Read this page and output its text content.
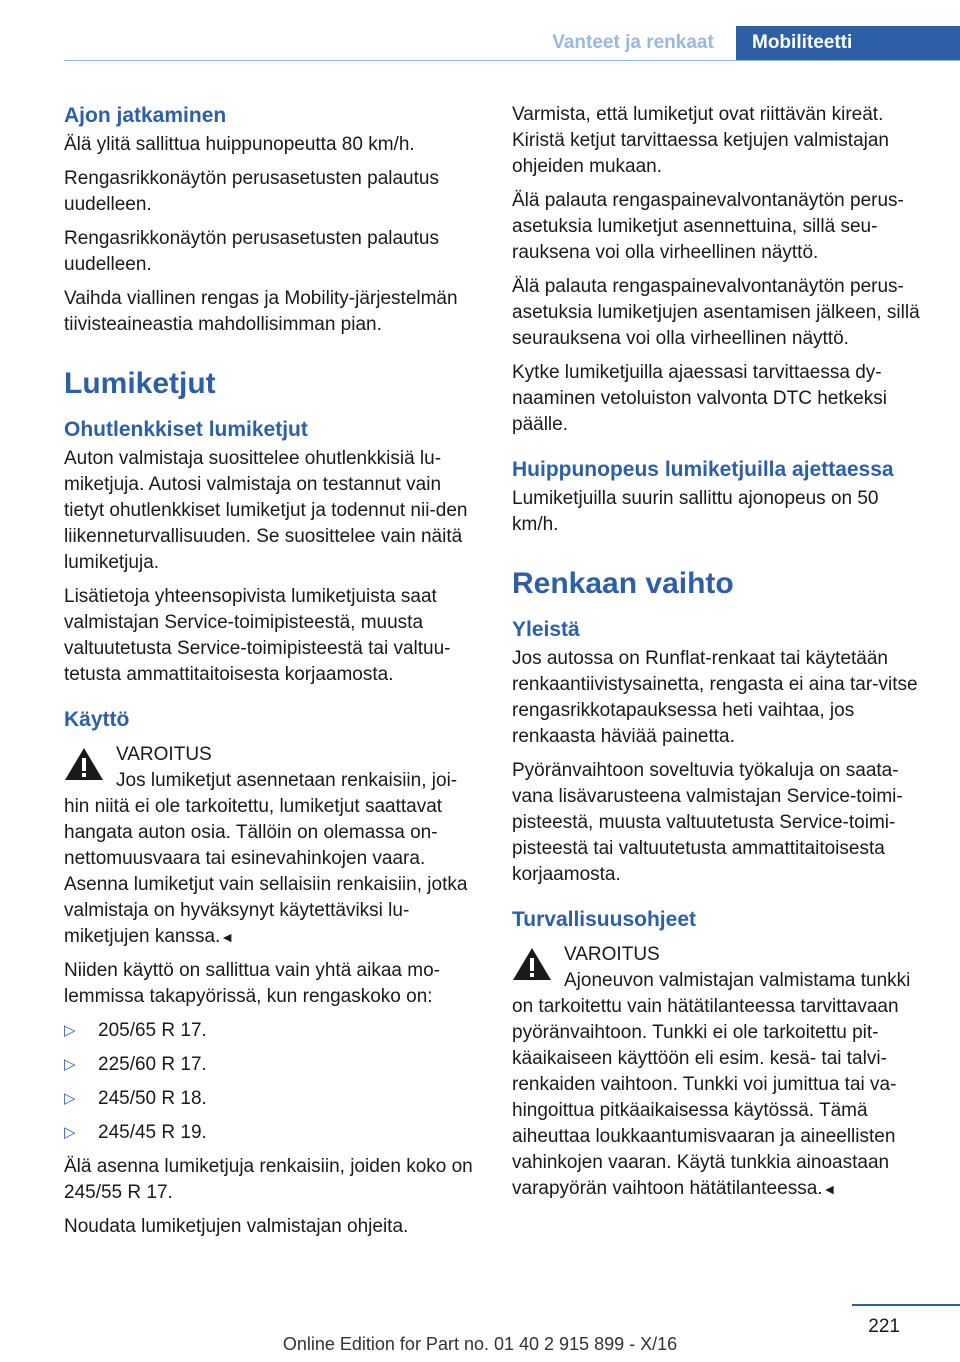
Vanteet ja renkaat	Mobiliteetti
Ajon jatkaminen

Älä ylitä sallittua huippunopeutta 80 km/h.

Rengasrikkonäytön perusasetusten palautus uudelleen.

Rengasrikkonäytön perusasetusten palautus uudelleen.

Vaihda viallinen rengas ja Mobility-järjestelmän tiivisteaineastia mahdollisimman pian.

Lumiketjut
Ohutlenkkiset lumiketjut

Auton valmistaja suosittelee ohutlenkkisiä lu-miketjuja. Autosi valmistaja on testannut vain tietyt ohutlenkkiset lumiketjut ja todennut nii-den liikenneturvallisuuden. Se suosittelee vain näitä lumiketjuja.

Lisätietoja yhteensopivista lumiketjuista saat valmistajan Service-toimipisteestä, muusta valtuutetusta Service-toimipisteestä tai valtuu-tetusta ammattitaitoisesta korjaamosta.

Käyttö
VAROITUS
Jos lumiketjut asennetaan renkaisiin, joi-
hin niitä ei ole tarkoitettu, lumiketjut saattavat hangata auton osia. Tällöin on olemassa on-nettomuusvaara tai esinevahinkojen vaara. Asenna lumiketjut vain sellaisiin renkaisiin, jotka valmistaja on hyväksynyt käytettäviksi lu-miketjujen kanssa.◄

Niiden käyttö on sallittua vain yhtä aikaa mo-lemmissa takapyörissä, kun rengaskoko on:

▷ 205/65 R 17.
▷ 225/60 R 17.
▷ 245/50 R 18.
▷ 245/45 R 19.

Älä asenna lumiketjuja renkaisiin, joiden koko on 245/55 R 17.

Noudata lumiketjujen valmistajan ohjeita.

Varmista, että lumiketjut ovat riittävän kireät. Kiristä ketjut tarvittaessa ketjujen valmistajan ohjeiden mukaan.

Älä palauta rengaspainevalvontanäytön perus-asetuksia lumiketjut asennettuina, sillä seu-rauksena voi olla virheellinen näyttö.

Älä palauta rengaspainevalvontanäytön perus-asetuksia lumiketjujen asentamisen jälkeen, sillä seurauksena voi olla virheellinen näyttö.

Kytke lumiketjuilla ajaessasi tarvittaessa dy-naaminen vetoluiston valvonta DTC hetkeksi päälle.

Huippunopeus lumiketjuilla ajettaessa

Lumiketjuilla suurin sallittu ajonopeus on 50 km/h.

Renkaan vaihto
Yleistä

Jos autossa on Runflat-renkaat tai käytetään renkaantiivistysainetta, rengasta ei aina tar-vitse rengasrikkotapauksessa heti vaihtaa, jos renkaasta häviää painetta.

Pyöränvaihtoon soveltuvia työkaluja on saata-vana lisävarusteena valmistajan Service-toimi-pisteestä, muusta valtuutetusta Service-toimi-pisteestä tai valtuutetusta ammattitaitoisesta korjaamosta.

Turvallisuusohjeet
VAROITUS
Ajoneuvon valmistajan valmistama tunkki
on tarkoitettu vain hätätilanteessa tarvittavaan pyöränvaihtoon. Tunkki ei ole tarkoitettu pit-käaikaiseen käyttöön eli esim. kesä- tai talvi-renkaiden vaihtoon. Tunkki voi jumittua tai va-hingoittua pitkäaikaisessa käytössä. Tämä aiheuttaa loukkaantumisvaaran ja aineellisten vahinkojen vaaran. Käytä tunkkia ainoastaan varapyörän vaihtoon hätätilanteessa.◄
221
Online Edition for Part no. 01 40 2 915 899 - X/16
